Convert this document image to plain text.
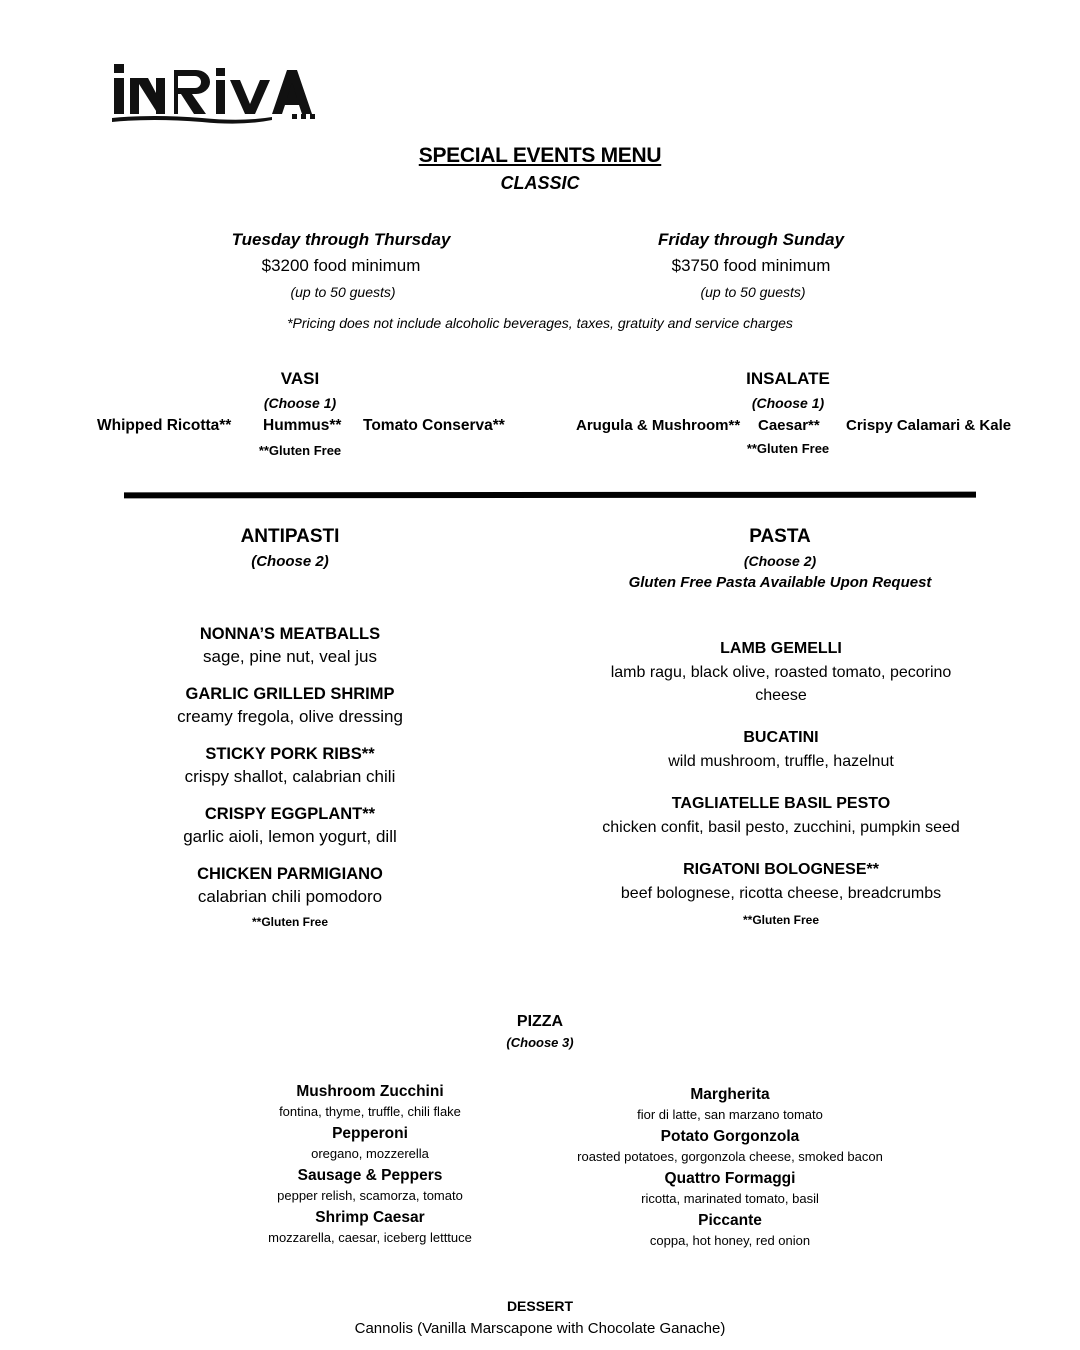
inRiva...
SPECIAL EVENTS MENU
CLASSIC
Tuesday through Thursday
$3200 food minimum
(up to 50 guests)
Friday through Sunday
$3750 food minimum
(up to 50 guests)
*Pricing does not include alcoholic beverages, taxes, gratuity and service charges
VASI
(Choose 1)
Whipped Ricotta** Hummus** Tomato Conserva**
**Gluten Free
INSALATE
(Choose 1)
Arugula & Mushroom** Caesar** Crispy Calamari & Kale
**Gluten Free
ANTIPASTI
(Choose 2)
NONNA’S MEATBALLS
sage, pine nut, veal jus
GARLIC GRILLED SHRIMP
creamy fregola, olive dressing
STICKY PORK RIBS**
crispy shallot, calabrian chili
CRISPY EGGPLANT**
garlic aioli, lemon yogurt, dill
CHICKEN PARMIGIANO
calabrian chili pomodoro
**Gluten Free
PASTA
(Choose 2)
Gluten Free Pasta Available Upon Request
LAMB GEMELLI
lamb ragu, black olive, roasted tomato, pecorino cheese
BUCATINI
wild mushroom, truffle, hazelnut
TAGLIATELLE BASIL PESTO
chicken confit, basil pesto, zucchini, pumpkin seed
RIGATONI BOLOGNESE**
beef bolognese, ricotta cheese, breadcrumbs
**Gluten Free
PIZZA
(Choose 3)
Mushroom Zucchini
fontina, thyme, truffle, chili flake
Pepperoni
oregano, mozzerella
Sausage & Peppers
pepper relish, scamorza, tomato
Shrimp Caesar
mozzarella, caesar, iceberg letttuce
Margherita
fior di latte, san marzano tomato
Potato Gorgonzola
roasted potatoes, gorgonzola cheese, smoked bacon
Quattro Formaggi
ricotta, marinated tomato, basil
Piccante
coppa, hot honey, red onion
DESSERT
Cannolis (Vanilla Marscapone with Chocolate Ganache)
